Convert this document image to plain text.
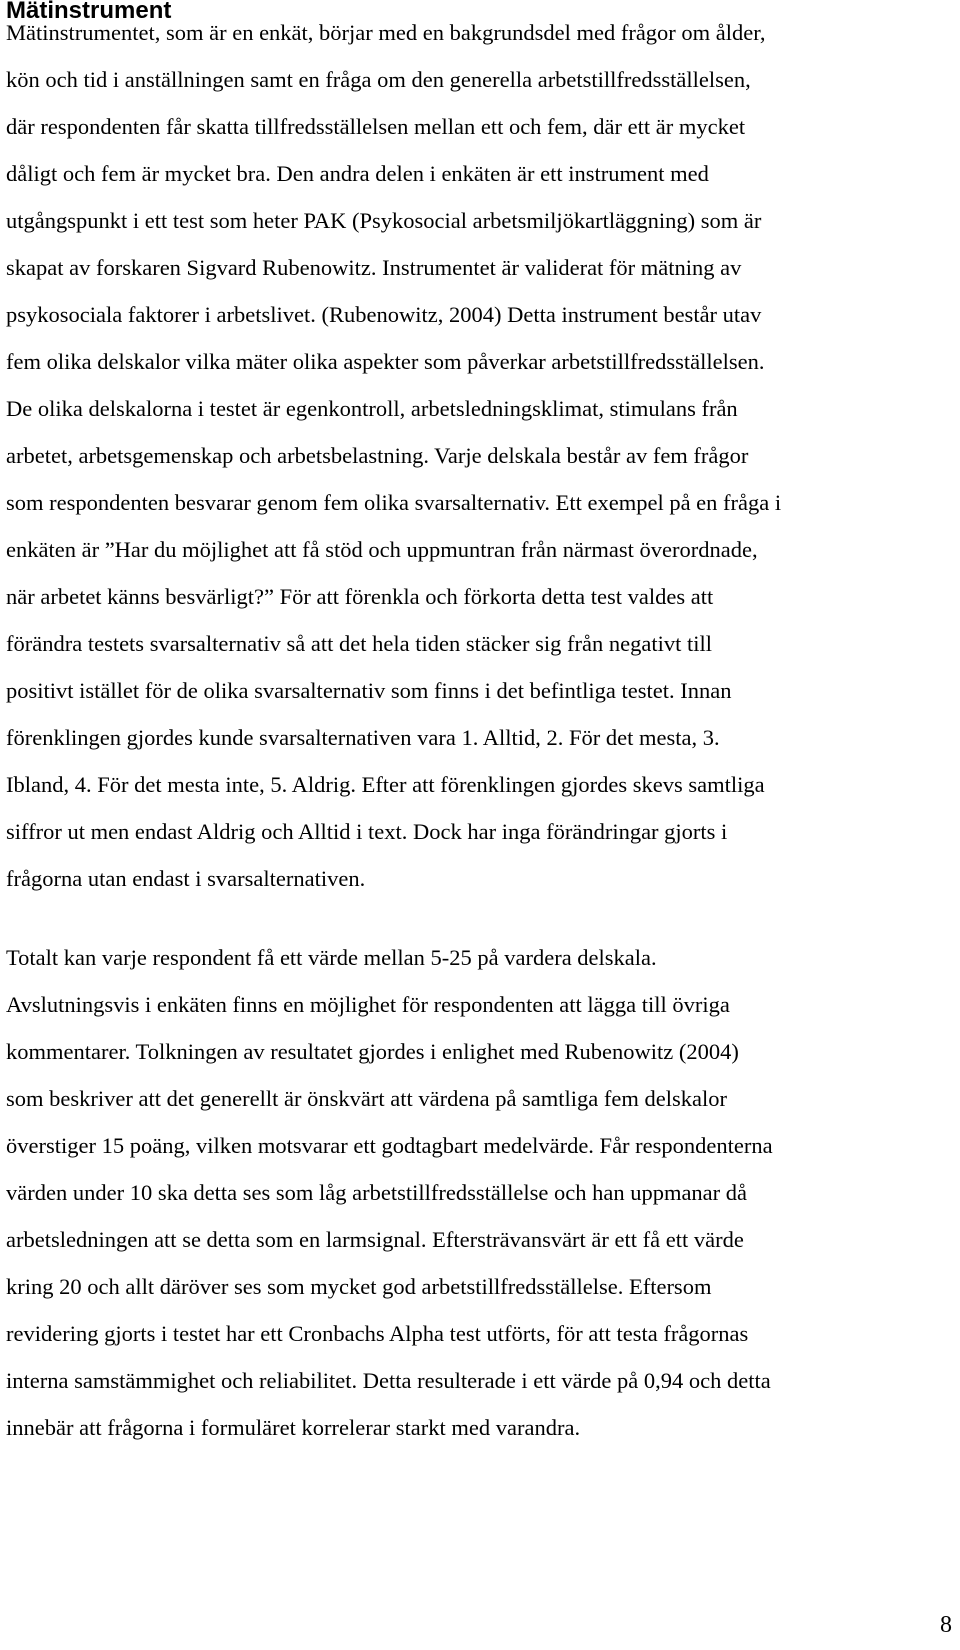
Mätinstrument

Mätinstrumentet, som är en enkät, börjar med en bakgrundsdel med frågor om ålder,

kön och tid i anställningen samt en fråga om den generella arbetstillfredsställelsen,

där respondenten får skatta tillfredsställelsen mellan ett och fem, där ett är mycket

dåligt och fem är mycket bra. Den andra delen i enkäten är ett instrument med

utgångspunkt i ett test som heter PAK (Psykosocial arbetsmiljökartläggning) som är

skapat av forskaren Sigvard Rubenowitz. Instrumentet är validerat för mätning av

psykosociala faktorer i arbetslivet. (Rubenowitz, 2004) Detta instrument består utav

fem olika delskalor vilka mäter olika aspekter som påverkar arbetstillfredsställelsen.

De olika delskalorna i testet är egenkontroll, arbetsledningsklimat, stimulans från

arbetet, arbetsgemenskap och arbetsbelastning. Varje delskala består av fem frågor

som respondenten besvarar genom fem olika svarsalternativ. Ett exempel på en fråga i

enkäten är ”Har du möjlighet att få stöd och uppmuntran från närmast överordnade,

när arbetet känns besvärligt?” För att förenkla och förkorta detta test valdes att

förändra testets svarsalternativ så att det hela tiden stäcker sig från negativt till

positivt istället för de olika svarsalternativ som finns i det befintliga testet. Innan

förenklingen gjordes kunde svarsalternativen vara 1. Alltid, 2. För det mesta, 3.

Ibland, 4. För det mesta inte, 5. Aldrig. Efter att förenklingen gjordes skevs samtliga

siffror ut men endast Aldrig och Alltid i text. Dock har inga förändringar gjorts i

frågorna utan endast i svarsalternativen.

Totalt kan varje respondent få ett värde mellan 5-25 på vardera delskala.

Avslutningsvis i enkäten finns en möjlighet för respondenten att lägga till övriga

kommentarer. Tolkningen av resultatet gjordes i enlighet med Rubenowitz (2004)

som beskriver att det generellt är önskvärt att värdena på samtliga fem delskalor

överstiger 15 poäng, vilken motsvarar ett godtagbart medelvärde. Får respondenterna

värden under 10 ska detta ses som låg arbetstillfredsställelse och han uppmanar då

arbetsledningen att se detta som en larmsignal. Eftersträvansvärt är ett få ett värde

kring 20 och allt däröver ses som mycket god arbetstillfredsställelse. Eftersom

revidering gjorts i testet har ett Cronbachs Alpha test utförts, för att testa frågornas

interna samstämmighet och reliabilitet. Detta resulterade i ett värde på 0,94 och detta

innebär att frågorna i formuläret korrelerar starkt med varandra.

8
